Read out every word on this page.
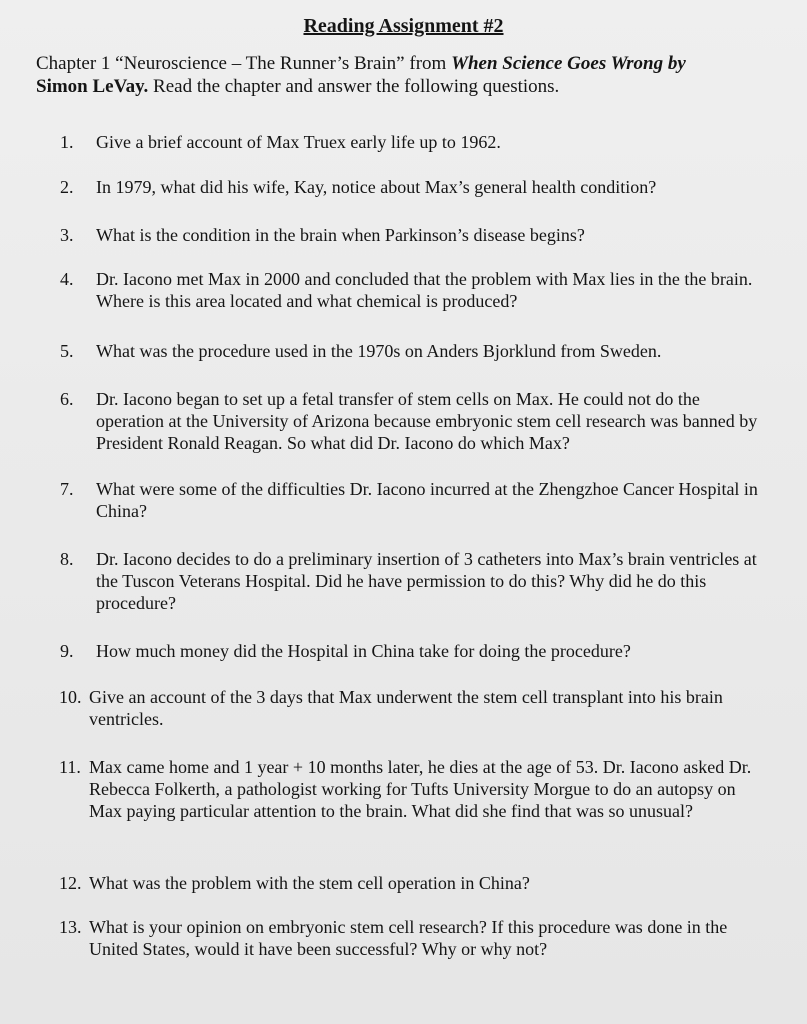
Reading Assignment #2

Chapter 1 “Neuroscience – The Runner’s Brain” from When Science Goes Wrong by
Simon LeVay. Read the chapter and answer the following questions.

1.	Give a brief account of Max Truex early life up to 1962.
2.	In 1979, what did his wife, Kay, notice about Max’s general health condition?
3.	What is the condition in the brain when Parkinson’s disease begins?
4.	Dr. Iacono met Max in 2000 and concluded that the problem with Max lies in the the brain. Where is this area located and what chemical is produced?
5.	What was the procedure used in the 1970s on Anders Bjorklund from Sweden.
6.	Dr. Iacono began to set up a fetal transfer of stem cells on Max. He could not do the operation at the University of Arizona because embryonic stem cell research was banned by President Ronald Reagan. So what did Dr. Iacono do which Max?
7.	What were some of the difficulties Dr. Iacono incurred at the Zhengzhoe Cancer Hospital in China?
8.	Dr. Iacono decides to do a preliminary insertion of 3 catheters into Max’s brain ventricles at the Tuscon Veterans Hospital. Did he have permission to do this? Why did he do this procedure?
9.	How much money did the Hospital in China take for doing the procedure?
10. Give an account of the 3 days that Max underwent the stem cell transplant into his brain ventricles.
11. Max came home and 1 year + 10 months later, he dies at the age of 53. Dr. Iacono asked Dr. Rebecca Folkerth, a pathologist working for Tufts University Morgue to do an autopsy on Max paying particular attention to the brain. What did she find that was so unusual?
12. What was the problem with the stem cell operation in China?
13. What is your opinion on embryonic stem cell research? If this procedure was done in the United States, would it have been successful? Why or why not?
